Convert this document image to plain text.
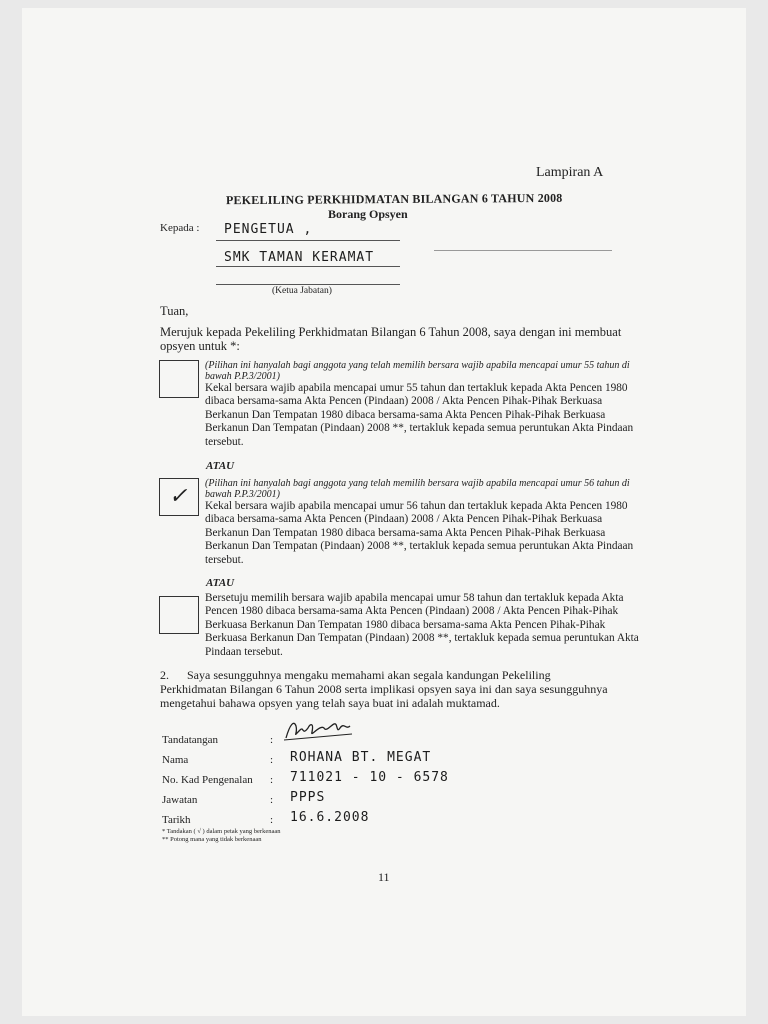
Lampiran A
PEKELILING PERKHIDMATAN BILANGAN 6 TAHUN 2008
Borang Opsyen
Kepada : PENGETUA ,
SMK TAMAN KERAMAT
(Ketua Jabatan)
Tuan,
Merujuk kepada Pekeliling Perkhidmatan Bilangan 6 Tahun 2008, saya dengan ini membuat
opsyen untuk *:
(Pilihan ini hanyalah bagi anggota yang telah memilih bersara wajib apabila mencapai umur 55 tahun di
bawah P.P.3/2001)
Kekal bersara wajib apabila mencapai umur 55 tahun dan tertakluk kepada Akta Pencen 1980
dibaca bersama-sama Akta Pencen (Pindaan) 2008 / Akta Pencen Pihak-Pihak Berkuasa
Berkanun Dan Tempatan 1980 dibaca bersama-sama Akta Pencen Pihak-Pihak Berkuasa
Berkanun Dan Tempatan (Pindaan) 2008 **, tertakluk kepada semua peruntukan Akta Pindaan
tersebut.
ATAU
✓ (Pilihan ini hanyalah bagi anggota yang telah memilih bersara wajib apabila mencapai umur 56 tahun di
bawah P.P.3/2001)
Kekal bersara wajib apabila mencapai umur 56 tahun dan tertakluk kepada Akta Pencen 1980
dibaca bersama-sama Akta Pencen (Pindaan) 2008 / Akta Pencen Pihak-Pihak Berkuasa
Berkanun Dan Tempatan 1980 dibaca bersama-sama Akta Pencen Pihak-Pihak Berkuasa
Berkanun Dan Tempatan (Pindaan) 2008 **, tertakluk kepada semua peruntukan Akta Pindaan
tersebut.
ATAU
Bersetuju memilih bersara wajib apabila mencapai umur 58 tahun dan tertakluk kepada Akta
Pencen 1980 dibaca bersama-sama Akta Pencen (Pindaan) 2008 / Akta Pencen Pihak-Pihak
Berkuasa Berkanun Dan Tempatan 1980 dibaca bersama-sama Akta Pencen Pihak-Pihak
Berkuasa Berkanun Dan Tempatan (Pindaan) 2008 **, tertakluk kepada semua peruntukan Akta
Pindaan tersebut.
2.      Saya sesungguhnya mengaku memahami akan segala kandungan Pekeliling
Perkhidmatan Bilangan 6 Tahun 2008 serta implikasi opsyen saya ini dan saya sesungguhnya
mengetahui bahawa opsyen yang telah saya buat ini adalah muktamad.
Tandatangan	:
Nama	: ROHANA BT. MEGAT
No. Kad Pengenalan : 711021 - 10 - 6578
Jawatan	: PPPS
Tarikh	: 16.6.2008
* Tandakan ( √ ) dalam petak yang berkenaan
** Potong mana yang tidak berkenaan
11
